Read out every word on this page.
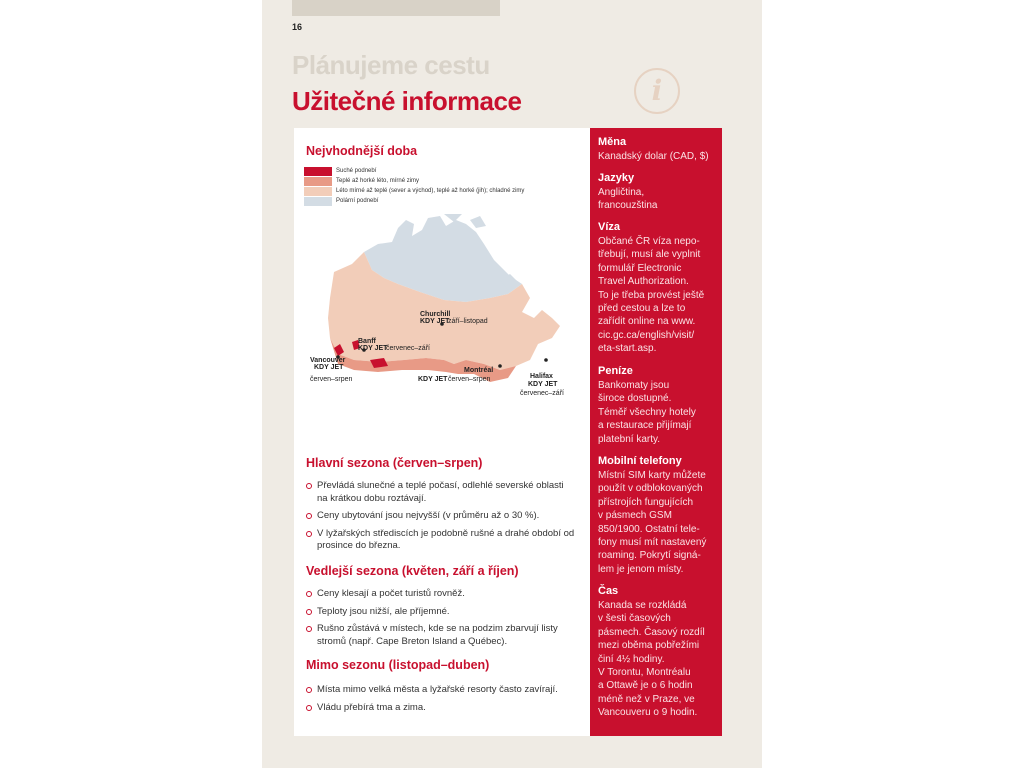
16
Plánujeme cestu
Užitečné informace	i
Nejvhodnější doba
Suché podnebí
Teplé až horké léto, mírné zimy
Léto mírné až teplé (sever a východ), teplé až horké (jih); chladné zimy
Polární podnebí
Churchill
KDY JET
září–listopad
Banff
KDY JET
červenec–září
Vancouver
KDY JET
červen–srpen
Montréal
KDY JET červen–srpen	Halifax
KDY JET
červenec–září
Hlavní sezona (červen–srpen)
Převládá slunečné a teplé počasí, odlehlé severské oblasti na krátkou dobu roztávají.
Ceny ubytování jsou nejvyšší (v průměru až o 30 %).
V lyžařských střediscích je podobně rušné a drahé období od prosince do března.
Vedlejší sezona (květen, září a říjen)
Ceny klesají a počet turistů rovněž.
Teploty jsou nižší, ale příjemné.
Rušno zůstává v místech, kde se na podzim zbarvují listy stromů (např. Cape Breton Island a Québec).
Mimo sezonu (listopad–duben)
Místa mimo velká města a lyžařské resorty často zavírají.
Vládu přebírá tma a zima.
Měna

Kanadský dolar (CAD, $)

Jazyky

Angličtina,
francouzština

Víza

Občané ČR víza nepo-
třebují, musí ale vyplnit
formulář Electronic
Travel Authorization.
To je třeba provést ještě
před cestou a lze to
zařídit online na www.
cic.gc.ca/english/visit/
eta-start.asp.

Peníze

Bankomaty jsou
široce dostupné.
Téměř všechny hotely
a restaurace přijímají
platební karty.

Mobilní telefony

Místní SIM karty můžete
použít v odblokovaných
přístrojích fungujících
v pásmech GSM
850/1900. Ostatní tele-
fony musí mít nastavený
roaming. Pokrytí signá-
lem je jenom místy.

Čas

Kanada se rozkládá
v šesti časových
pásmech. Časový rozdíl
mezi oběma pobřežími
činí 4½ hodiny.
V Torontu, Montréalu
a Ottawě je o 6 hodin
méně než v Praze, ve
Vancouveru o 9 hodin.
